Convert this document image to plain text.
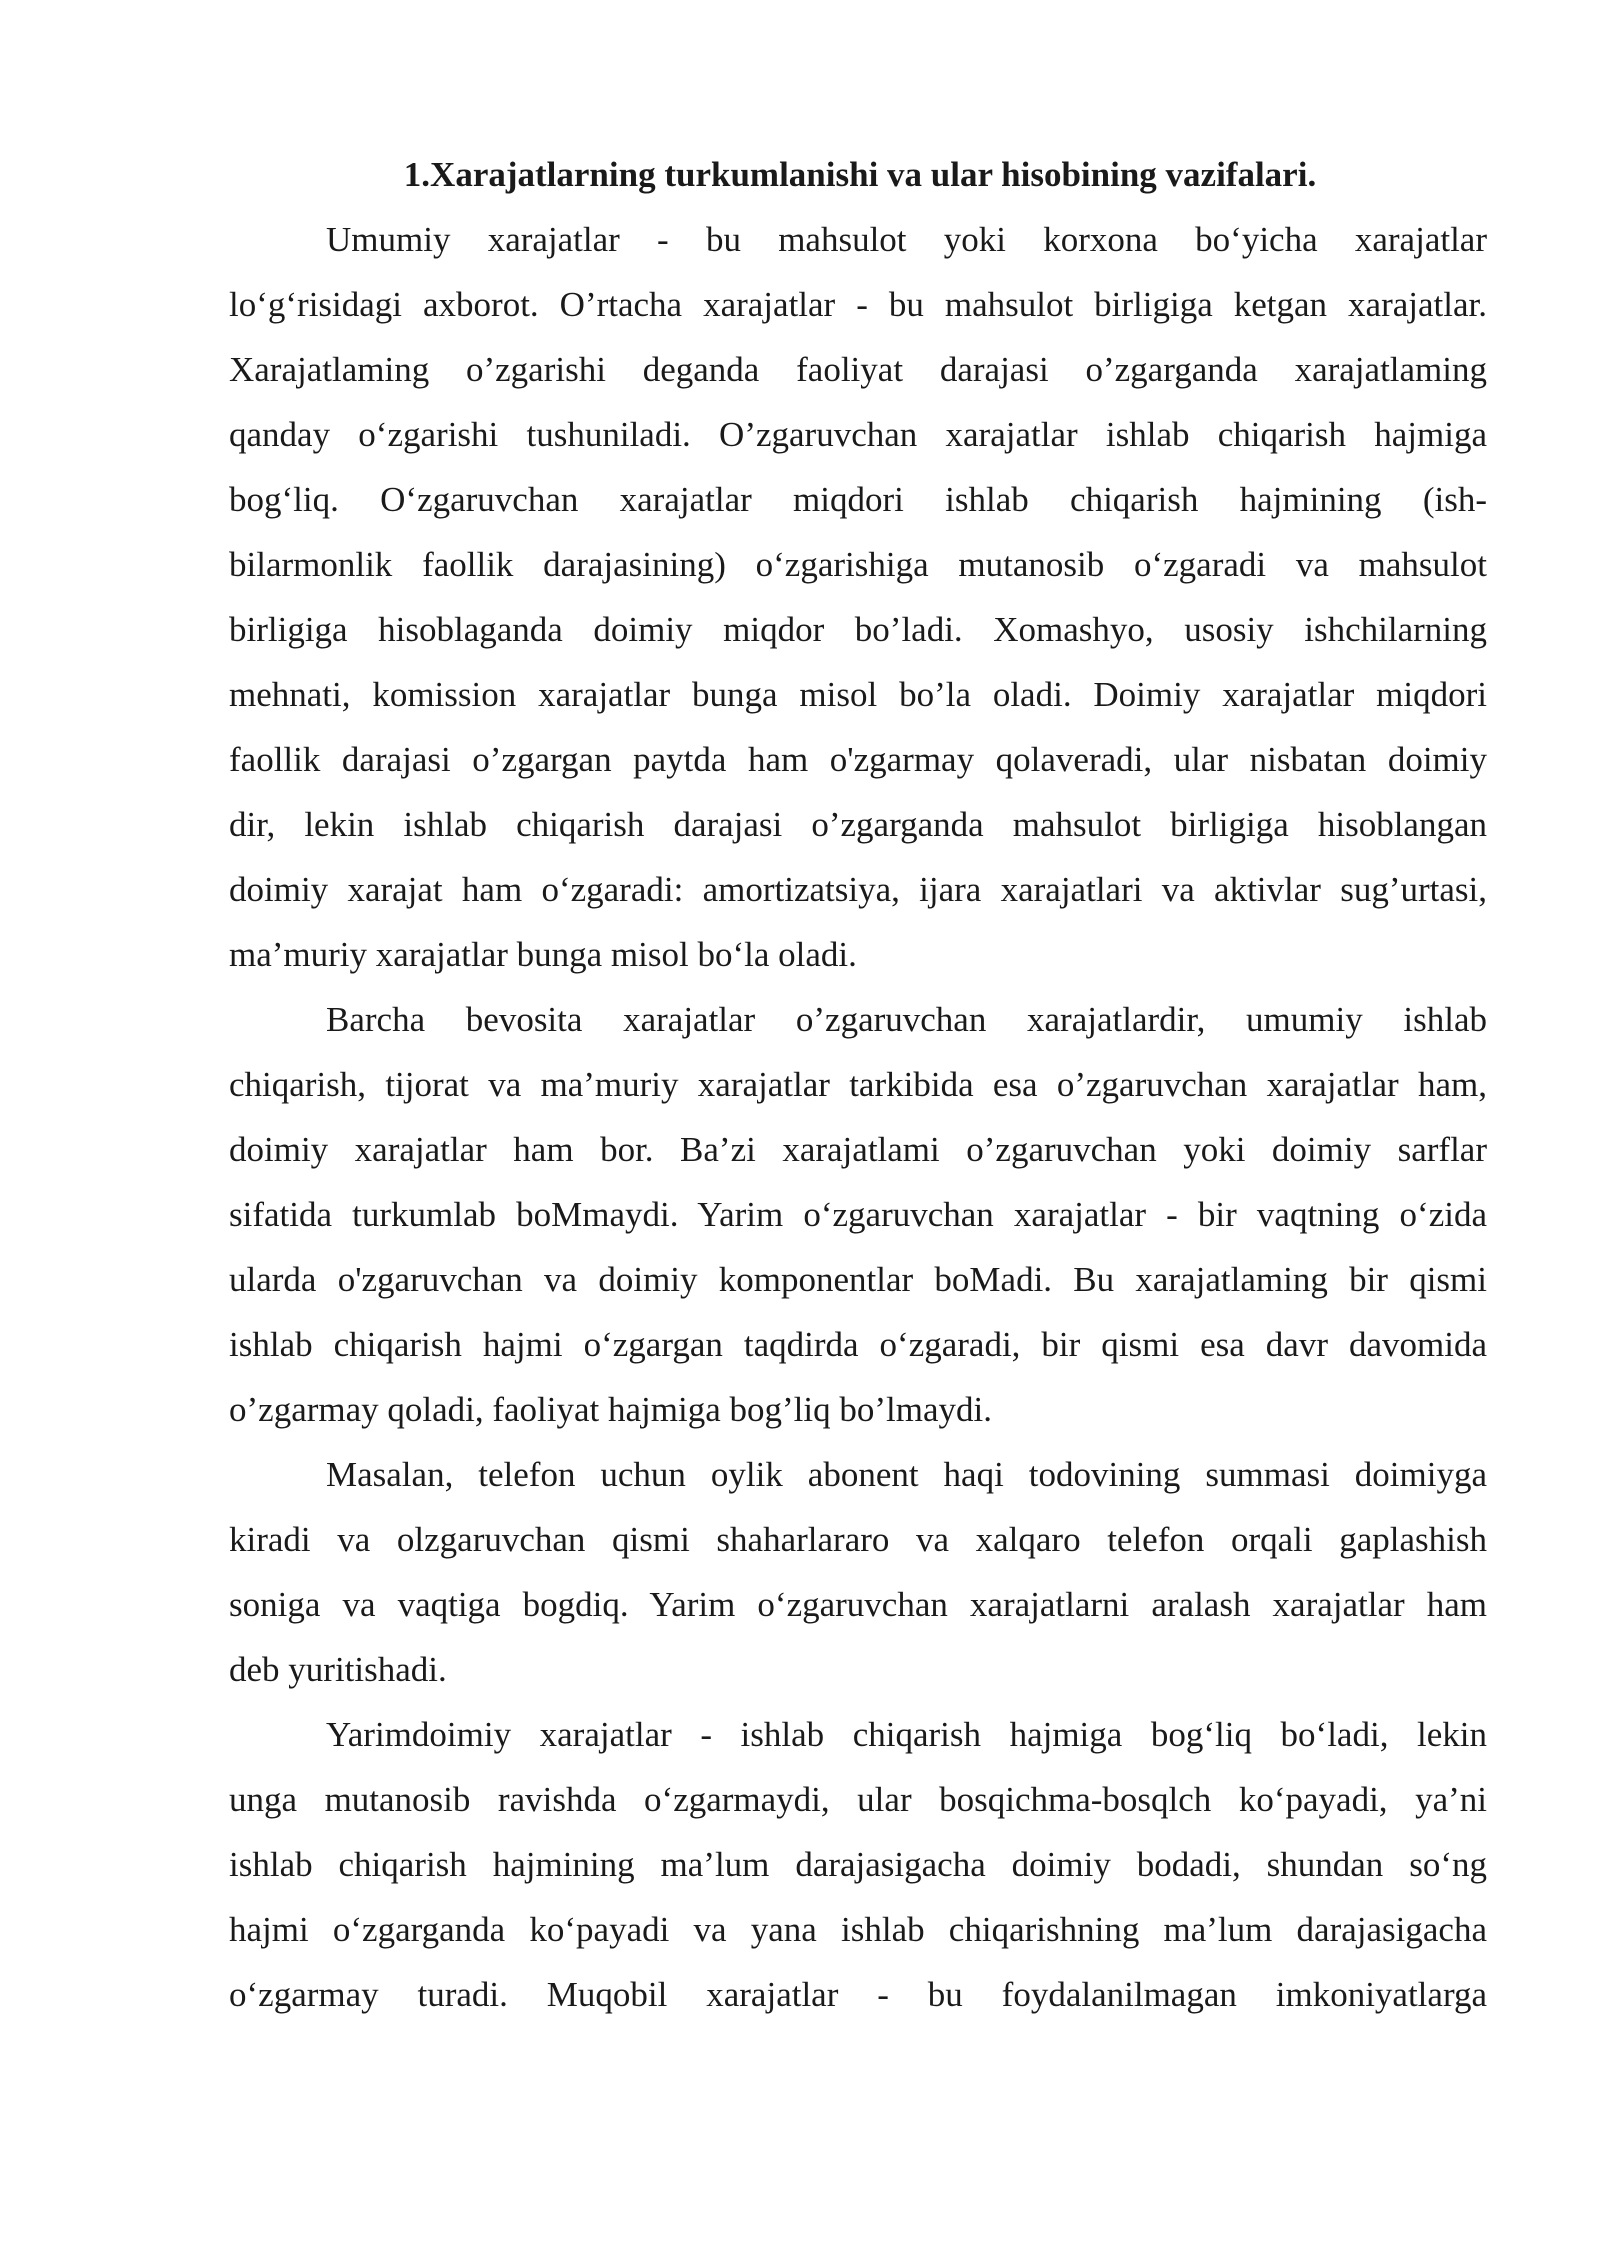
1.Xarajatlarning turkumlanishi va ular hisobining vazifalari.
Umumiy xarajatlar - bu mahsulot yoki korxona bo‘yicha xarajatlar
lo‘g‘risidagi axborot. O’rtacha xarajatlar - bu mahsulot birligiga ketgan xarajatlar.
Xarajatlaming o’zgarishi deganda faoliyat darajasi o’zgarganda xarajatlaming
qanday o‘zgarishi tushuniladi. O’zgaruvchan xarajatlar ishlab chiqarish hajmiga
bog‘liq. O‘zgaruvchan xarajatlar miqdori ishlab chiqarish hajmining (ish-
bilarmonlik faollik darajasining) o‘zgarishiga mutanosib o‘zgaradi va mahsulot
birligiga hisoblaganda doimiy miqdor bo’ladi. Xomashyo, usosiy ishchilarning
mehnati, komission xarajatlar bunga misol bo’la oladi. Doimiy xarajatlar miqdori
faollik darajasi o’zgargan paytda ham o'zgarmay qolaveradi, ular nisbatan doimiy
dir, lekin ishlab chiqarish darajasi o’zgarganda mahsulot birligiga hisoblangan
doimiy xarajat ham o‘zgaradi: amortizatsiya, ijara xarajatlari va aktivlar sug’urtasi,
ma’muriy xarajatlar bunga misol bo‘la oladi.
Barcha bevosita xarajatlar o’zgaruvchan xarajatlardir, umumiy ishlab
chiqarish, tijorat va ma’muriy xarajatlar tarkibida esa o’zgaruvchan xarajatlar ham,
doimiy xarajatlar ham bor. Ba’zi xarajatlami o’zgaruvchan yoki doimiy sarflar
sifatida turkumlab boMmaydi. Yarim o‘zgaruvchan xarajatlar - bir vaqtning o‘zida
ularda o'zgaruvchan va doimiy komponentlar boMadi. Bu xarajatlaming bir qismi
ishlab chiqarish hajmi o‘zgargan taqdirda o‘zgaradi, bir qismi esa davr davomida
o’zgarmay qoladi, faoliyat hajmiga bog’liq bo’lmaydi.
Masalan, telefon uchun oylik abonent haqi todovining summasi doimiyga
kiradi va olzgaruvchan qismi shaharlararo va xalqaro telefon orqali gaplashish
soniga va vaqtiga bogdiq. Yarim o‘zgaruvchan xarajatlarni aralash xarajatlar ham
deb yuritishadi.
Yarimdoimiy xarajatlar - ishlab chiqarish hajmiga bog‘liq bo‘ladi, lekin
unga mutanosib ravishda o‘zgarmaydi, ular bosqichma-bosqlch ko‘payadi, ya’ni
ishlab chiqarish hajmining ma’lum darajasigacha doimiy bodadi, shundan so‘ng
hajmi o‘zgarganda ko‘payadi va yana ishlab chiqarishning ma’lum darajasigacha
o‘zgarmay turadi. Muqobil xarajatlar - bu foydalanilmagan imkoniyatlarga
